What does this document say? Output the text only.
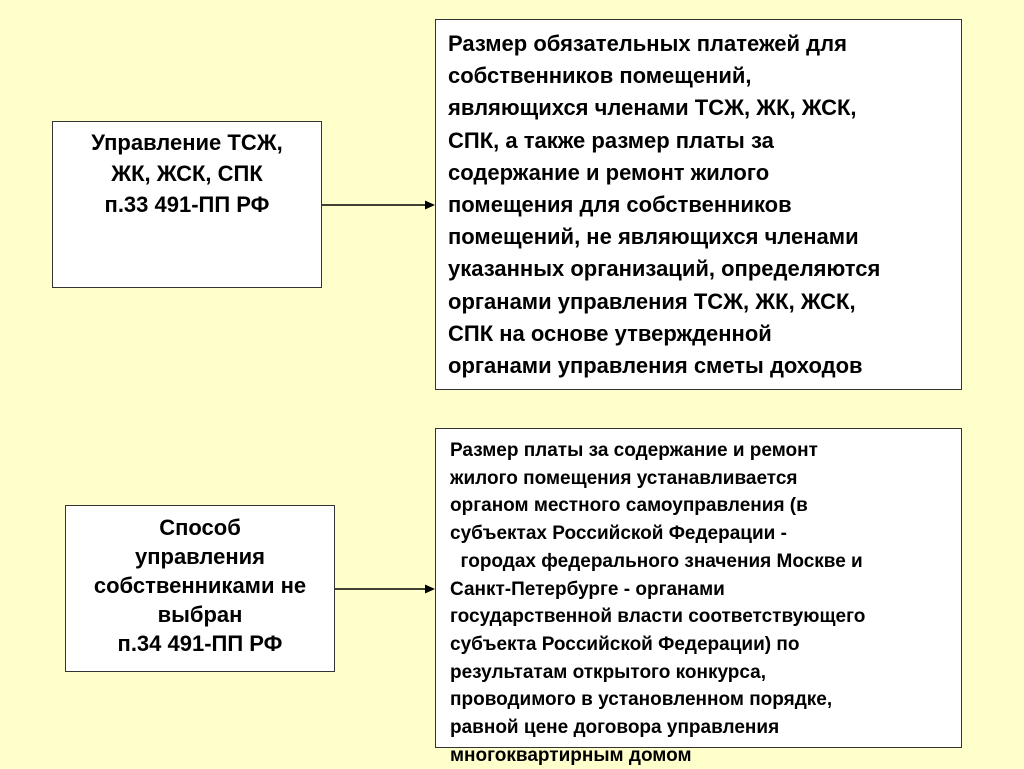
Управление ТСЖ,
ЖК, ЖСК, СПК
п.33 491-ПП РФ
Размер обязательных платежей для
собственников помещений,
являющихся членами ТСЖ, ЖК, ЖСК,
СПК, а также размер платы за
содержание и ремонт жилого
помещения для собственников
помещений, не являющихся членами
указанных организаций, определяются
органами управления ТСЖ, ЖК, ЖСК,
СПК на основе утвержденной
органами управления сметы доходов
Способ
управления
собственниками не
выбран
п.34 491-ПП РФ
Размер платы за содержание и ремонт
жилого помещения устанавливается
органом местного самоуправления (в
субъектах Российской Федерации -
городах федерального значения Москве и
Санкт-Петербурге - органами
государственной власти соответствующего
субъекта Российской Федерации) по
результатам открытого конкурса,
проводимого в установленном порядке,
равной цене договора управления
многоквартирным домом
